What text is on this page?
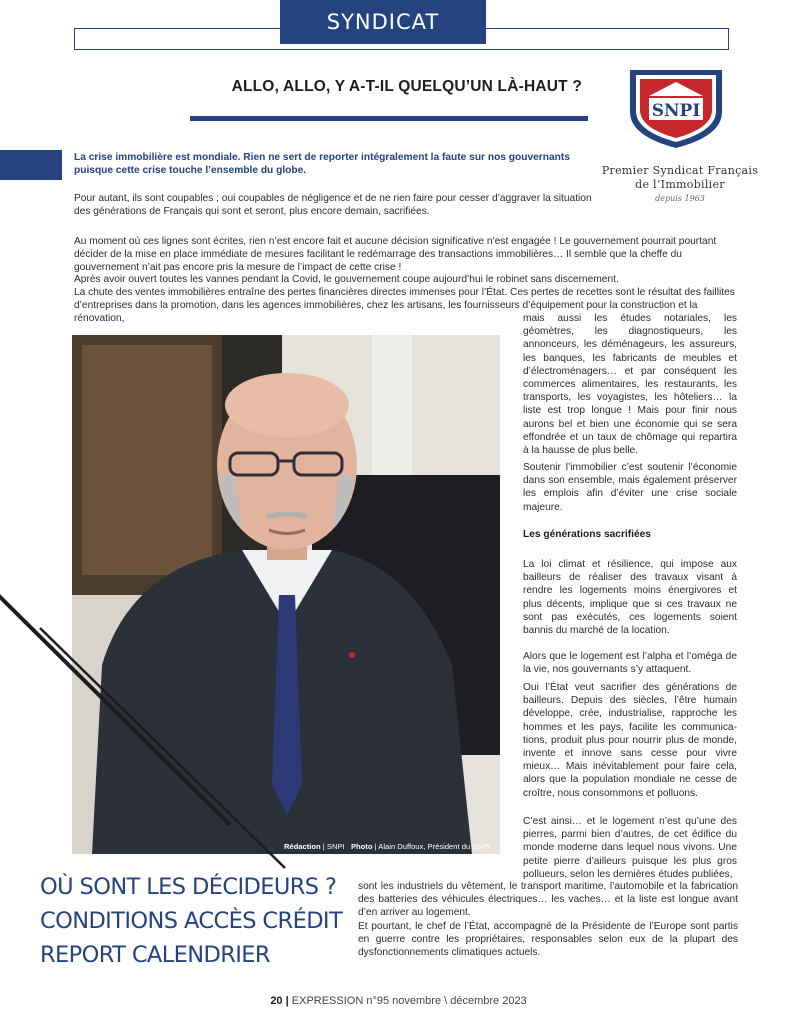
SYNDICAT
ALLO, ALLO, Y A-T-IL QUELQU’UN LÀ-HAUT ?
SNPI
Premier Syndicat Français
de l’Immobilier
depuis 1963
La crise immobilière est mondiale. Rien ne sert de reporter intégralement la faute sur nos gouvernants puisque cette crise touche l’ensemble du globe.
Pour autant, ils sont coupables ; oui coupables de négligence et de ne rien faire pour cesser d’aggraver la situation des générations de Français qui sont et seront, plus encore demain, sacrifiées.
Au moment où ces lignes sont écrites, rien n’est encore fait et aucune décision significative n’est engagée ! Le gouvernement pourrait pourtant décider de la mise en place immédiate de mesures facilitant le redémarrage des transactions immobilières… Il semble que la cheffe du gouvernement n’ait pas encore pris la mesure de l’impact de cette crise !
Après avoir ouvert toutes les vannes pendant la Covid, le gouvernement coupe aujourd’hui le robinet sans discernement.
La chute des ventes immobilières entraîne des pertes financières directes immenses pour l’État. Ces pertes de recettes sont le résultat des faillites d’entreprises dans la promotion, dans les agences immobilières, chez les artisans, les fournisseurs d’équipement pour la construction et la rénovation,
Rédaction | SNPI Photo | Alain Duffoux, Président du SNPI
mais aussi les études notariales, les géomètres, les diagnostiqueurs, les annonceurs, les déménageurs, les assureurs, les banques, les fabricants de meubles et d’électroménagers… et par conséquent les commerces alimentaires, les restaurants, les transports, les voyagistes, les hôteliers… la liste est trop longue ! Mais pour finir nous aurons bel et bien une économie qui se sera effondrée et un taux de chômage qui repartira à la hausse de plus belle.
Soutenir l’immobilier c’est soutenir l’économie dans son ensemble, mais également préserver les emplois afin d’éviter une crise sociale majeure.
Les générations sacrifiées
La loi climat et résilience, qui impose aux bailleurs de réaliser des travaux visant à rendre les logements moins énergivores et plus décents, implique que si ces travaux ne sont pas exécutés, ces logements soient bannis du marché de la location.
Alors que le logement est l’alpha et l’oméga de la vie, nos gouvernants s’y attaquent.
Oui l’État veut sacrifier des générations de bailleurs. Depuis des siècles, l’être humain développe, crée, industrialise, rapproche les hommes et les pays, facilite les communications, produit plus pour nourrir plus de monde, invente et innove sans cesse pour vivre mieux… Mais inévitablement pour faire cela, alors que la population mondiale ne cesse de croître, nous consommons et polluons.
C’est ainsi… et le logement n’est qu’une des pierres, parmi bien d’autres, de cet édifice du monde moderne dans lequel nous vivons. Une petite pierre d’ailleurs puisque les plus gros pollueurs, selon les dernières études publiées,
sont les industriels du vêtement, le transport maritime, l’automobile et la fabrication des batteries des véhicules électriques… les vaches… et la liste est longue avant d’en arriver au logement.
Et pourtant, le chef de l’État, accompagné de la Présidente de l’Europe sont partis en guerre contre les propriétaires, responsables selon eux de la plupart des dysfonctionnements climatiques actuels.
OÙ SONT LES DÉCIDEURS ?
CONDITIONS ACCÈS CRÉDIT
REPORT CALENDRIER
20 | EXPRESSION n°95 novembre \ décembre 2023
